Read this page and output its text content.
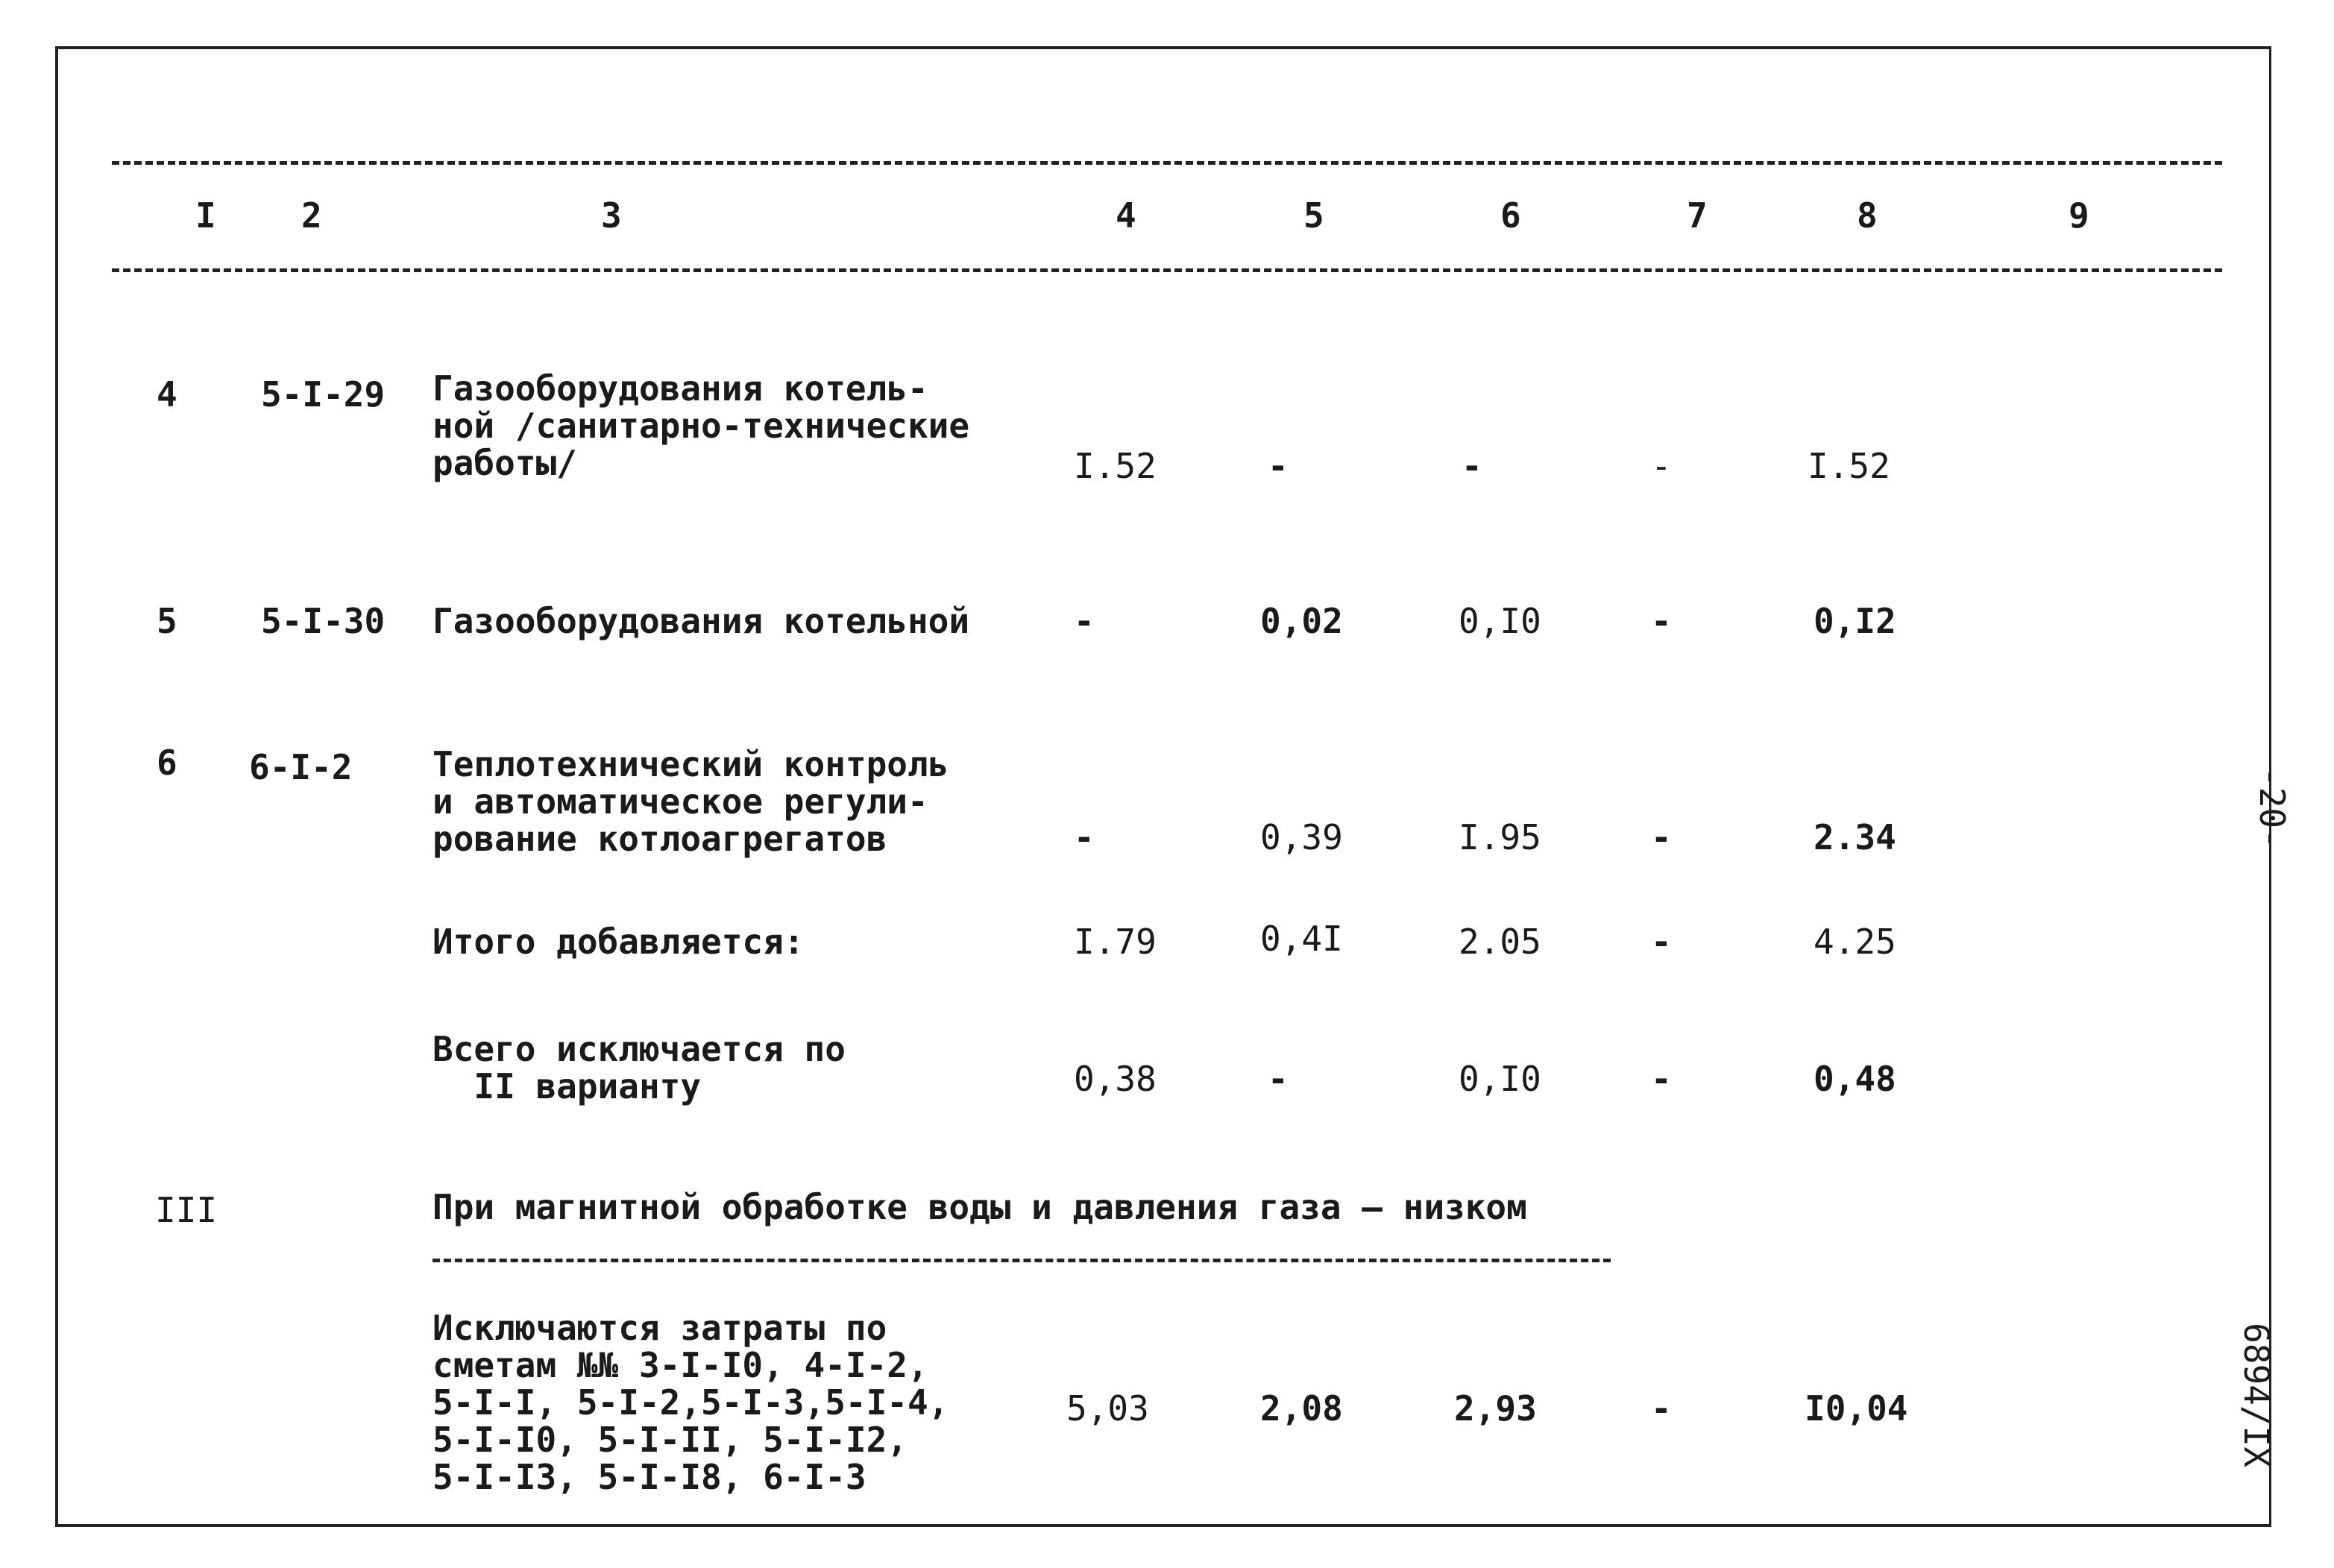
I 2	3	4	5	6	7	8	9
4 5-I-29 Газооборудования котель-
ной /санитарно-технические
работы/	I.52	-	-	-	I.52
5 5-I-30 Газооборудования котельной	-	0,02	0,I0	-	0,I2
6 6-I-2 Теплотехнический контроль
и автоматическое регули-
рование котлоагрегатов	-	0,39	I.95	-	2.34
Итого добавляется:	I.79	0,4I	2.05	-	4.25
Всего исключается по
II варианту	0,38	-	0,I0	-	0,48
III	При магнитной обработке воды и давления газа – низком
Исключаются затраты по
сметам №№ 3-I-I0, 4-I-2,
5-I-I, 5-I-2,5-I-3,5-I-4,
5-I-I0, 5-I-II, 5-I-I2,
5-I-I3, 5-I-I8, 6-I-3
5,03	2,08	2,93	-	I0,04
-20-
6894/IX
